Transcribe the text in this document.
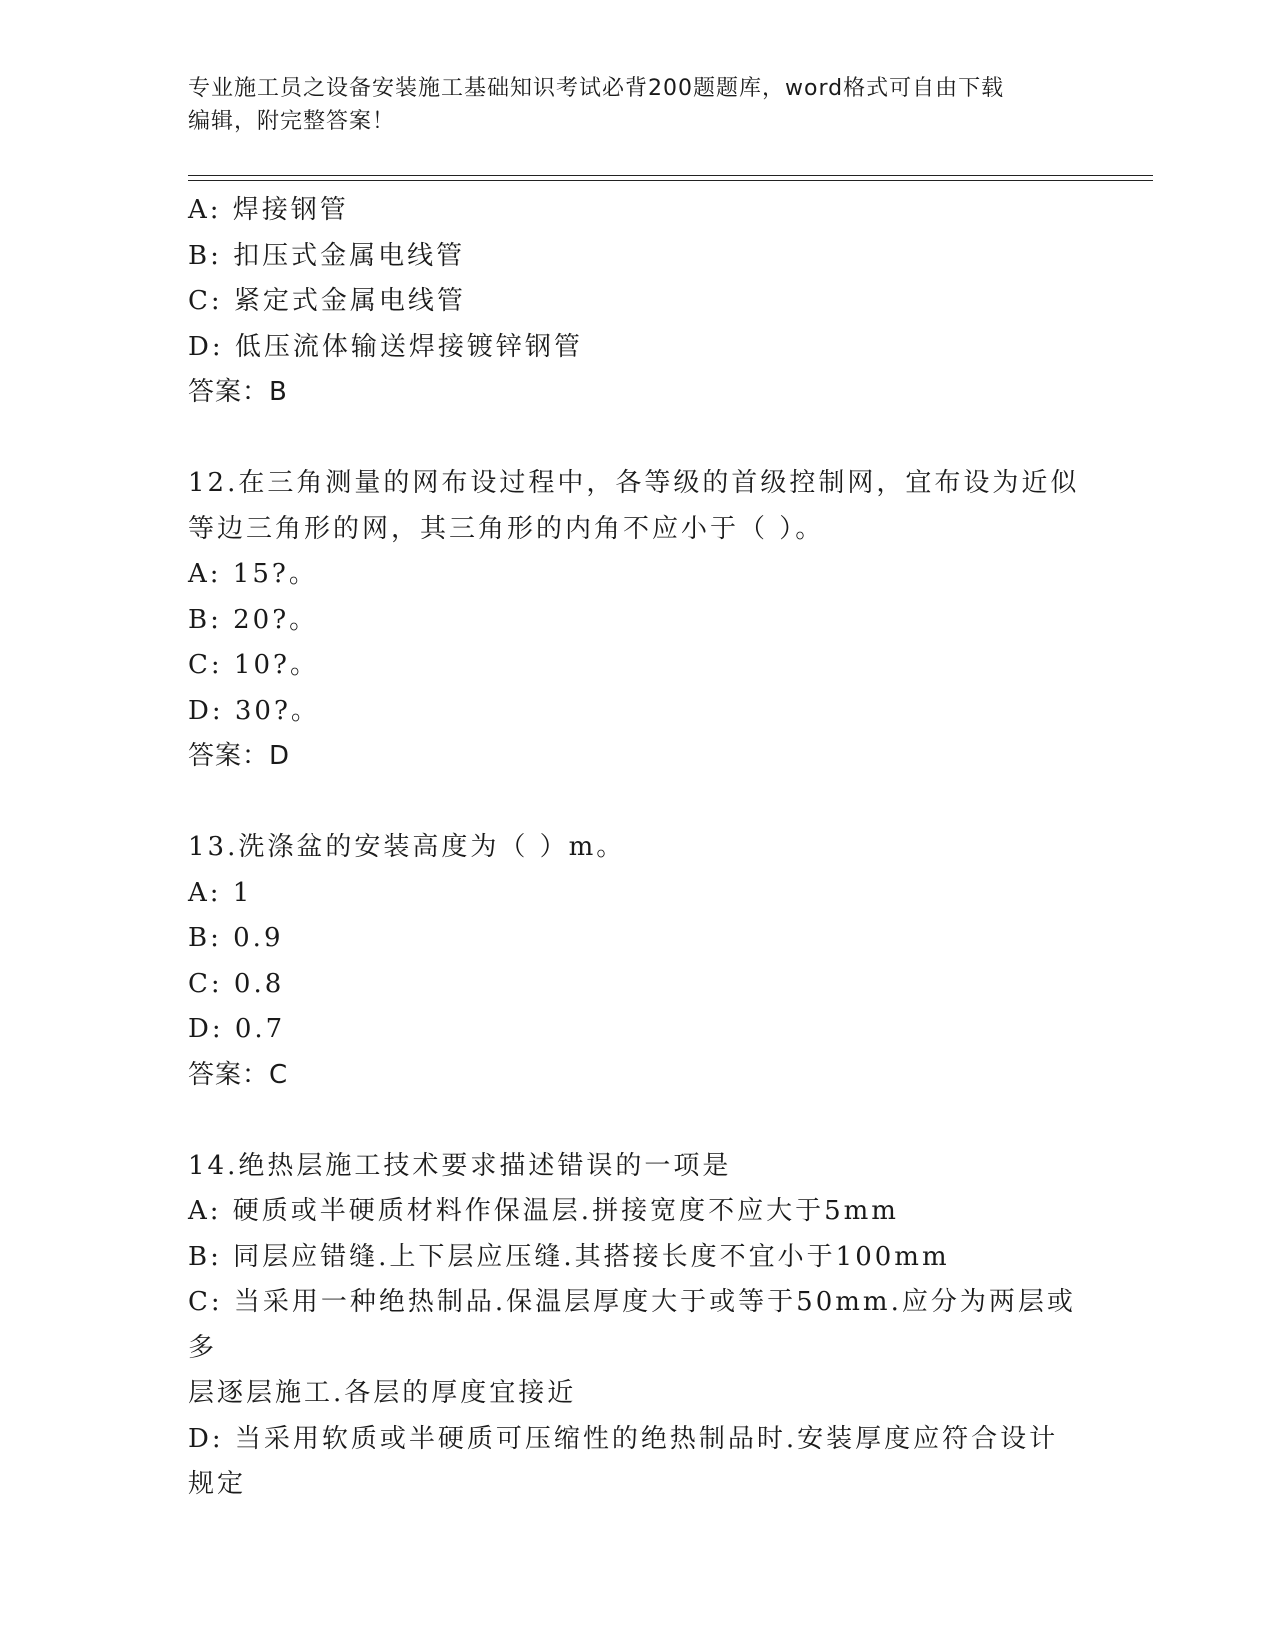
专业施工员之设备安装施工基础知识考试必背200题题库，word格式可自由下载
编辑，附完整答案！
A: 焊接钢管
B: 扣压式金属电线管
C: 紧定式金属电线管
D: 低压流体输送焊接镀锌钢管
答案：B
12.在三角测量的网布设过程中，各等级的首级控制网，宜布设为近似
等边三角形的网，其三角形的内角不应小于（ ）。
A: 15?。
B: 20?。
C: 10?。
D: 30?。
答案：D
13.洗涤盆的安装高度为（ ）m。
A: 1
B: 0.9
C: 0.8
D: 0.7
答案：C
14.绝热层施工技术要求描述错误的一项是
A: 硬质或半硬质材料作保温层.拼接宽度不应大于5mm
B: 同层应错缝.上下层应压缝.其搭接长度不宜小于100mm
C: 当采用一种绝热制品.保温层厚度大于或等于50mm.应分为两层或多
层逐层施工.各层的厚度宜接近
D: 当采用软质或半硬质可压缩性的绝热制品时.安装厚度应符合设计
规定
